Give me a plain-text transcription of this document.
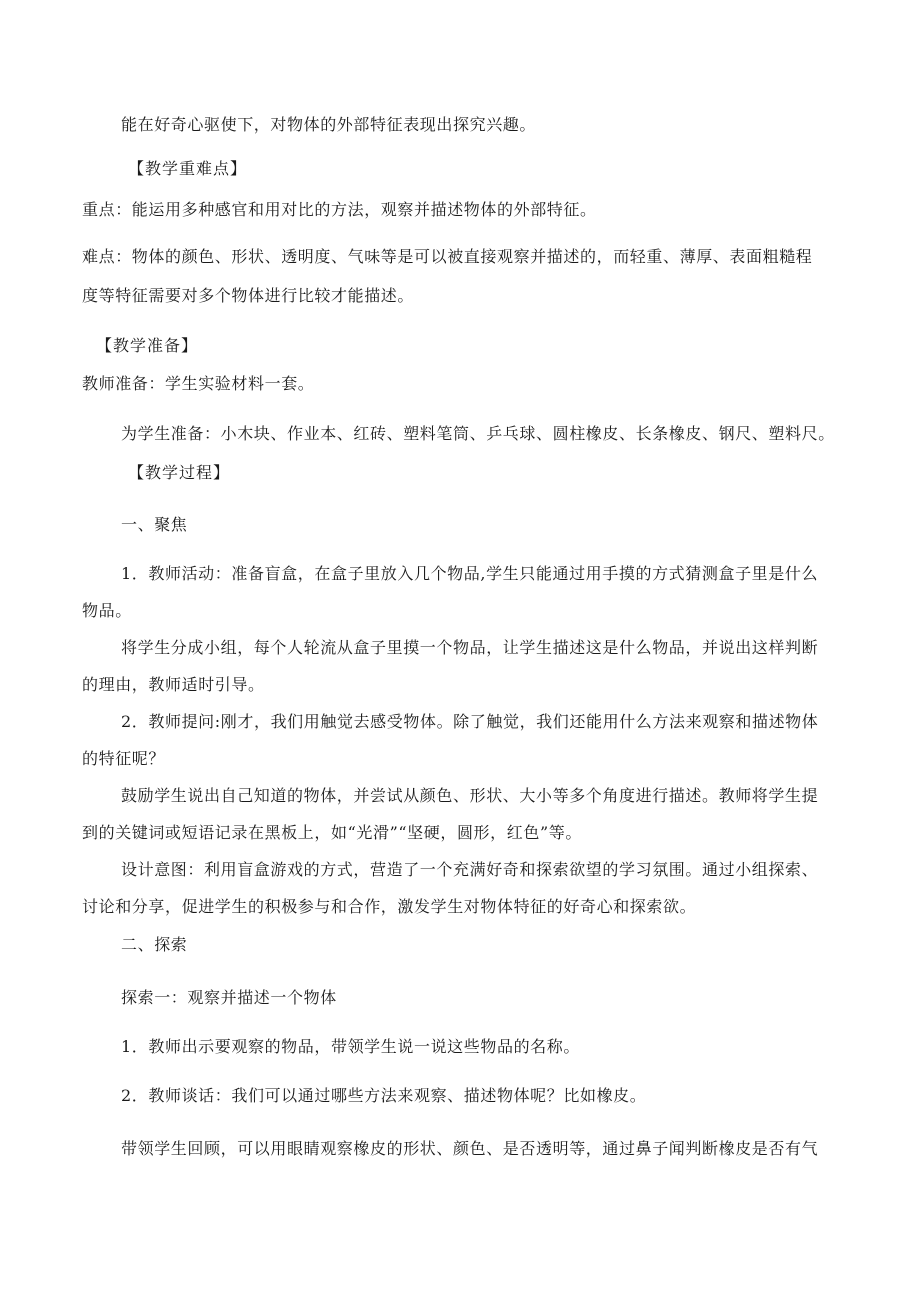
能在好奇心驱使下，对物体的外部特征表现出探究兴趣。
【教学重难点】
重点：能运用多种感官和用对比的方法，观察并描述物体的外部特征。
难点：物体的颜色、形状、透明度、气味等是可以被直接观察并描述的，而轻重、薄厚、表面粗糙程
度等特征需要对多个物体进行比较才能描述。
【教学准备】
教师准备：学生实验材料一套。
为学生准备：小木块、作业本、红砖、塑料笔筒、乒乓球、圆柱橡皮、长条橡皮、钢尺、塑料尺。
【教学过程】
一、聚焦
1．教师活动：准备盲盒，在盒子里放入几个物品,学生只能通过用手摸的方式猜测盒子里是什么
物品。
将学生分成小组，每个人轮流从盒子里摸一个物品，让学生描述这是什么物品，并说出这样判断
的理由，教师适时引导。
2．教师提问:刚才，我们用触觉去感受物体。除了触觉，我们还能用什么方法来观察和描述物体
的特征呢？
鼓励学生说出自己知道的物体，并尝试从颜色、形状、大小等多个角度进行描述。教师将学生提
到的关键词或短语记录在黑板上，如“光滑”“坚硬，圆形，红色”等。
设计意图：利用盲盒游戏的方式，营造了一个充满好奇和探索欲望的学习氛围。通过小组探索、
讨论和分享，促进学生的积极参与和合作，激发学生对物体特征的好奇心和探索欲。
二、探索
探索一：观察并描述一个物体
1．教师出示要观察的物品，带领学生说一说这些物品的名称。
2．教师谈话：我们可以通过哪些方法来观察、描述物体呢？比如橡皮。
带领学生回顾，可以用眼睛观察橡皮的形状、颜色、是否透明等，通过鼻子闻判断橡皮是否有气
